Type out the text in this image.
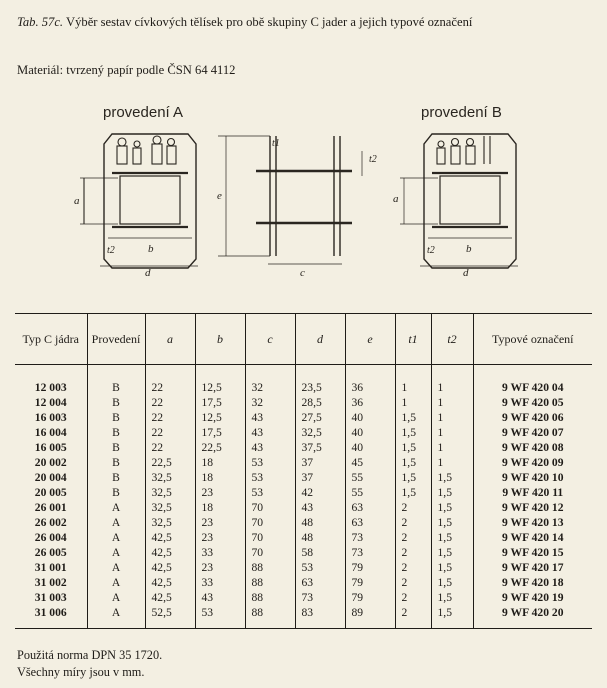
Tab. 57c. Výběr sestav cívkových tělísek pro obě skupiny C jader a jejich typové označení
Materiál: tvrzený papír podle ČSN 64 4112
provedení A
a
b
t2
d
e
c
t1
t2
provedení B
a
b
t2
d
Typ C jádra	Provedení	a	b	c	d	e	t1	t2	Typové označení
12 003	B	22	12,5	32	23,5	36	1	1	9 WF 420 04
12 004	B	22	17,5	32	28,5	36	1	1	9 WF 420 05
16 003	B	22	12,5	43	27,5	40	1,5	1	9 WF 420 06
16 004	B	22	17,5	43	32,5	40	1,5	1	9 WF 420 07
16 005	B	22	22,5	43	37,5	40	1,5	1	9 WF 420 08
20 002	B	22,5	18	53	37	45	1,5	1	9 WF 420 09
20 004	B	32,5	18	53	37	55	1,5	1,5	9 WF 420 10
20 005	B	32,5	23	53	42	55	1,5	1,5	9 WF 420 11
26 001	A	32,5	18	70	43	63	2	1,5	9 WF 420 12
26 002	A	32,5	23	70	48	63	2	1,5	9 WF 420 13
26 004	A	42,5	23	70	48	73	2	1,5	9 WF 420 14
26 005	A	42,5	33	70	58	73	2	1,5	9 WF 420 15
31 001	A	42,5	23	88	53	79	2	1,5	9 WF 420 17
31 002	A	42,5	33	88	63	79	2	1,5	9 WF 420 18
31 003	A	42,5	43	88	73	79	2	1,5	9 WF 420 19
31 006	A	52,5	53	88	83	89	2	1,5	9 WF 420 20
Použitá norma DPN 35 1720.
Všechny míry jsou v mm.
